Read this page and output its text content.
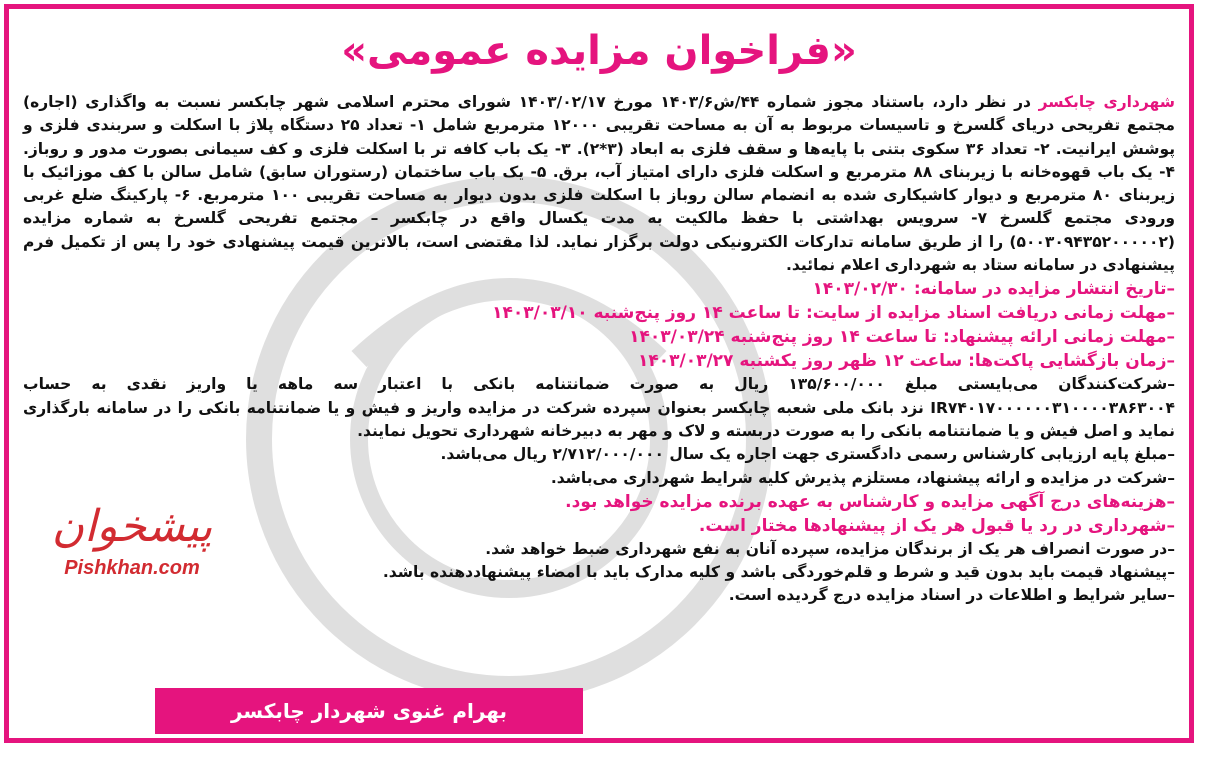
«فراخوان مزایده عمومی»

شهرداری چابکسر در نظر دارد، باستناد مجوز شماره ۴۴/ش۱۴۰۳/۶ مورخ ۱۴۰۳/۰۲/۱۷ شورای محترم اسلامی شهر چابکسر نسبت به واگذاری (اجاره) مجتمع تفریحی دریای گلسرخ و تاسیسات مربوط به آن به مساحت تقریبی ۱۲۰۰۰ مترمربع شامل ۱- تعداد ۲۵ دستگاه پلاژ با اسکلت و سربندی فلزی و پوشش ایرانیت. ۲- تعداد ۳۶ سکوی بتنی با پایه‌ها و سقف فلزی به ابعاد (۳*۲). ۳- یک باب کافه تر با اسکلت فلزی و کف سیمانی بصورت مدور و روباز. ۴- یک باب قهوه‌خانه با زیربنای ۸۸ مترمربع و اسکلت فلزی دارای امتیاز آب، برق. ۵- یک باب ساختمان (رستوران سابق) شامل سالن با کف موزائیک با زیربنای ۸۰ مترمربع و دیوار کاشیکاری شده به انضمام سالن روباز با اسکلت فلزی بدون دیوار به مساحت تقریبی ۱۰۰ مترمربع. ۶- پارکینگ ضلع غربی ورودی مجتمع گلسرخ ۷- سرویس بهداشتی با حفظ مالکیت به مدت یکسال واقع در چابکسر – مجتمع تفریحی گلسرخ به شماره مزایده (۵۰۰۳۰۹۴۳۵۲۰۰۰۰۰۲) را از طریق سامانه تدارکات الکترونیکی دولت برگزار نماید. لذا مقتضی است، بالاترین قیمت پیشنهادی خود را پس از تکمیل فرم پیشنهادی در سامانه ستاد به شهرداری اعلام نمائید.

–تاریخ انتشار مزایده در سامانه: ۱۴۰۳/۰۲/۳۰

–مهلت زمانی دریافت اسناد مزایده از سایت: تا ساعت ۱۴ روز پنج‌شنبه ۱۴۰۳/۰۳/۱۰

–مهلت زمانی ارائه پیشنهاد: تا ساعت ۱۴ روز پنج‌شنبه ۱۴۰۳/۰۳/۲۴

–زمان بازگشایی پاکت‌ها: ساعت ۱۲ ظهر روز یکشنبه ۱۴۰۳/۰۳/۲۷

–شرکت‌کنندگان می‌بایستی مبلغ ۱۳۵/۶۰۰/۰۰۰ ریال به صورت ضمانتنامه بانکی با اعتبار سه ماهه یا واریز نقدی به حساب IR۷۴۰۱۷۰۰۰۰۰۰۳۱۰۰۰۰۳۸۶۳۰۰۴ نزد بانک ملی شعبه چابکسر بعنوان سپرده شرکت در مزایده واریز و فیش و یا ضمانتنامه بانکی را در سامانه بارگذاری نماید و اصل فیش و یا ضمانتنامه بانکی را به صورت دربسته و لاک و مهر به دبیرخانه شهرداری تحویل نمایند.

–مبلغ پایه ارزیابی کارشناس رسمی دادگستری جهت اجاره یک سال ۲/۷۱۲/۰۰۰/۰۰۰ ریال می‌باشد.

–شرکت در مزایده و ارائه پیشنهاد، مستلزم پذیرش کلیه شرایط شهرداری می‌باشد.

–هزینه‌های درج آگهی مزایده و کارشناس به عهده برنده مزایده خواهد بود.

–شهرداری در رد یا قبول هر یک از پیشنهادها مختار است.

–در صورت انصراف هر یک از برندگان مزایده، سپرده آنان به نفع شهرداری ضبط خواهد شد.

–پیشنهاد قیمت باید بدون قید و شرط و قلم‌خوردگی باشد و کلیه مدارک باید با امضاء پیشنهاددهنده باشد.

–سایر شرایط و اطلاعات در اسناد مزایده درج گردیده است.

پیشخوان
Pishkhan.com
بهرام غنوی شهردار چابکسر
